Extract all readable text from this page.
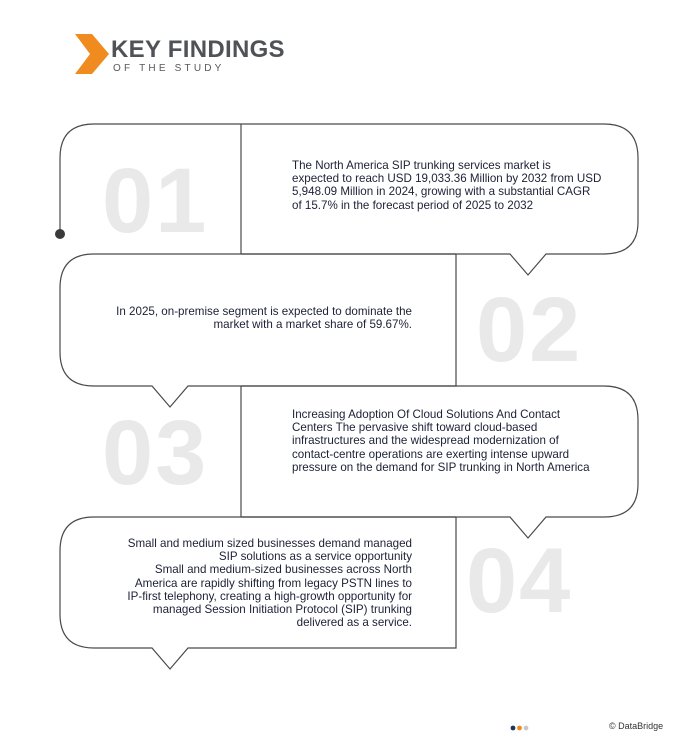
KEY FINDINGS
OF THE STUDY
01
02
03
04
The North America SIP trunking services market is
expected to reach USD 19,033.36 Million by 2032 from USD
5,948.09 Million in 2024, growing with a substantial CAGR
of 15.7% in the forecast period of 2025 to 2032
In 2025, on-premise segment is expected to dominate the
market with a market share of 59.67%.
Increasing Adoption Of Cloud Solutions And Contact
Centers The pervasive shift toward cloud-based
infrastructures and the widespread modernization of
contact-centre operations are exerting intense upward
pressure on the demand for SIP trunking in North America
Small and medium sized businesses demand managed
SIP solutions as a service opportunity
Small and medium-sized businesses across North
America are rapidly shifting from legacy PSTN lines to
IP-first telephony, creating a high-growth opportunity for
managed Session Initiation Protocol (SIP) trunking
delivered as a service.
© DataBridge
